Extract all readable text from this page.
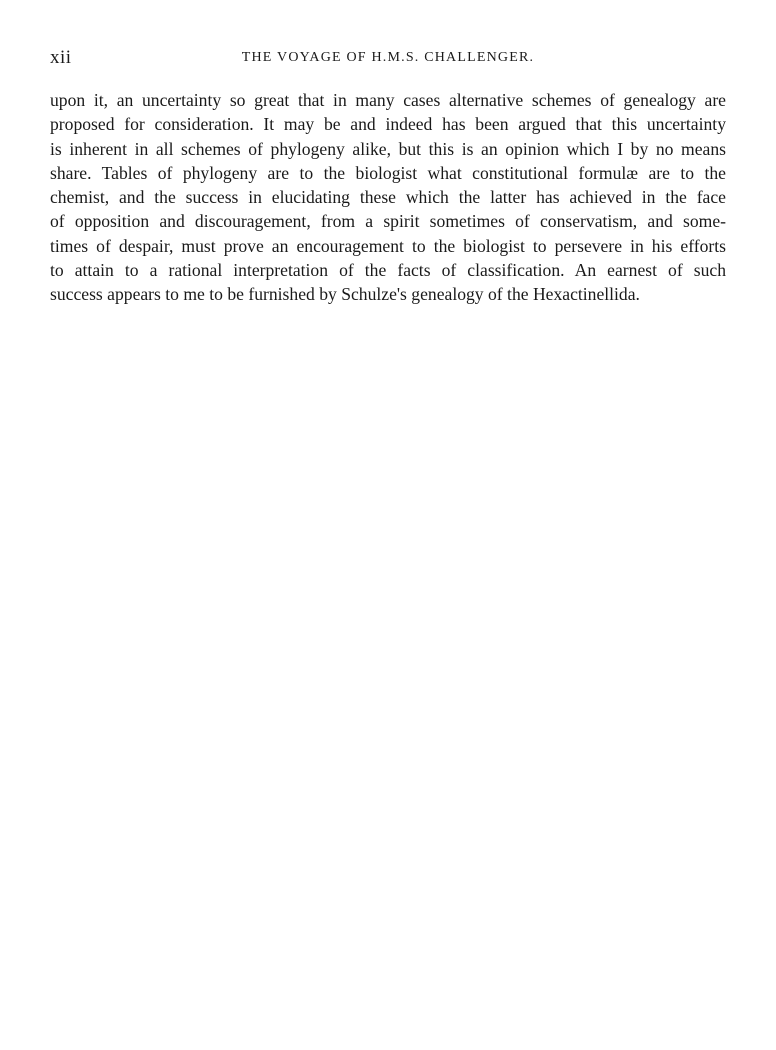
xii	THE VOYAGE OF H.M.S. CHALLENGER.
upon it, an uncertainty so great that in many cases alternative schemes of genealogy are
proposed for consideration. It may be and indeed has been argued that this uncertainty
is inherent in all schemes of phylogeny alike, but this is an opinion which I by no means
share. Tables of phylogeny are to the biologist what constitutional formulæ are to the
chemist, and the success in elucidating these which the latter has achieved in the face
of opposition and discouragement, from a spirit sometimes of conservatism, and some-
times of despair, must prove an encouragement to the biologist to persevere in his efforts
to attain to a rational interpretation of the facts of classification. An earnest of such
success appears to me to be furnished by Schulze's genealogy of the Hexactinellida.
